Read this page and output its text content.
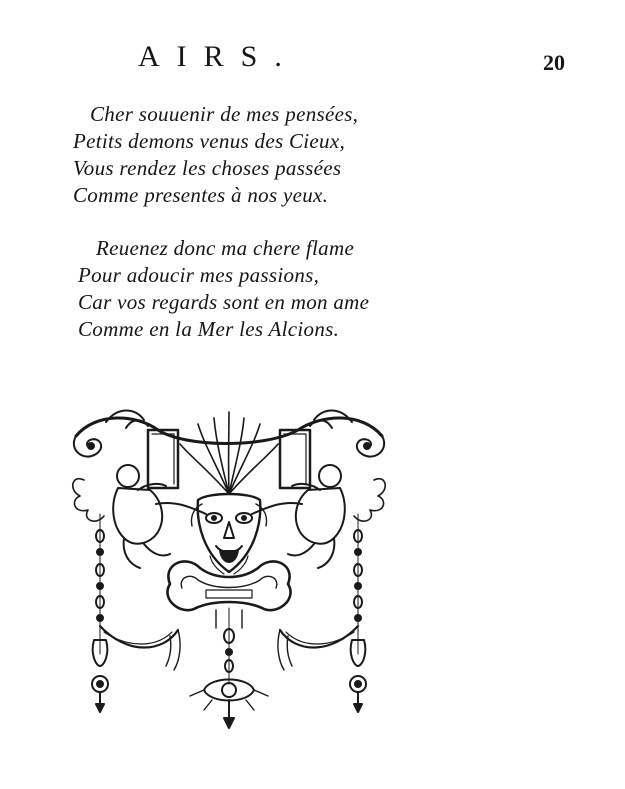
AIRS.	20
Cher souuenir de mes pensées,
Petits demons venus des Cieux,
Vous rendez les choses passées
Comme presentes à nos yeux.
Reuenez donc ma chere flame
Pour adoucir mes passions,
Car vos regards sont en mon ame
Comme en la Mer les Alcions.
